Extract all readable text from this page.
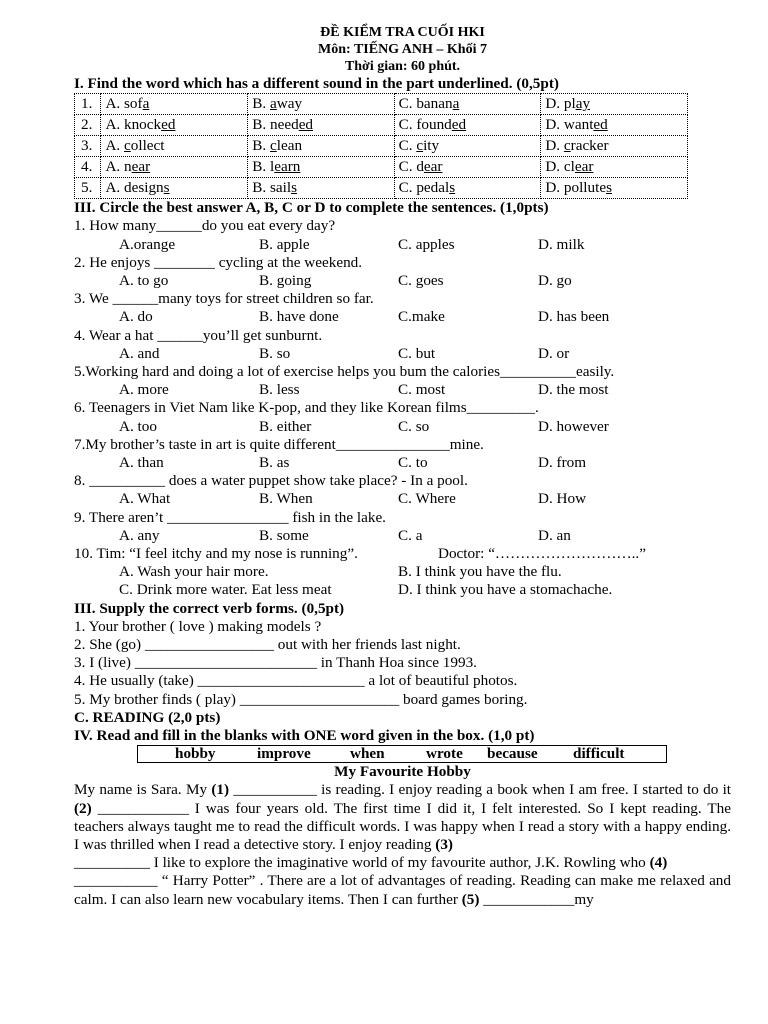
ĐỀ KIỂM TRA CUỐI HKI
Môn: TIẾNG ANH – Khối 7
Thời gian: 60 phút.
I. Find the word which has a different sound in the part underlined. (0,5pt)
1.	A. sofa	B. away	C. banana	D. play
2.	A. knocked	B. needed	C. founded	D. wanted
3.	A. collect	B. clean	C. city	D. cracker
4.	A. near	B. learn	C. dear	D. clear
5.	A. designs	B. sails	C. pedals	D. pollutes
III. Circle the best answer A, B, C or D to complete the sentences. (1,0pts)
1. How many______do you eat every day?
A.orange	B. apple	C. apples	D. milk
2. He enjoys ________ cycling at the weekend.
A. to go	B. going	C. goes	D. go
3. We ______many toys for street children so far.
A. do	B. have done	C.make	D. has been
4. Wear a hat ______you’ll get sunburnt.
A. and	B. so	C. but	D. or
5.Working hard and doing a lot of exercise helps you bum the calories__________easily.
A. more	B. less	C. most	D. the most
6. Teenagers in Viet Nam like K-pop, and they like Korean films_________.
A. too	B. either	C. so	D. however
7.My brother’s taste in art is quite different_______________mine.
A. than	B. as	C. to	D. from
8. __________ does a water puppet show take place? - In a pool.
A. What	B. When	C. Where	D. How
9. There aren’t ________________ fish in the lake.
A. any	B. some	C. a	D. an
10. Tim: “I feel itchy and my nose is running”.	Doctor: “………………………..”
A. Wash your hair more.	B. I think you have the flu.
C. Drink more water. Eat less meat	D. I think you have a stomachache.
III. Supply the correct verb forms. (0,5pt)
1. Your brother ( love ) making models ?
2. She (go) _________________ out with her friends last night.
3. I (live) ________________________ in Thanh Hoa since 1993.
4. He usually (take) ______________________ a lot of beautiful photos.
5. My brother finds ( play) _____________________ board games boring.
C. READING (2,0 pts)
IV. Read and fill in the blanks with ONE word given in the box. (1,0 pt)
hobby	improve	when	wrote because difficult
My Favourite Hobby
My name is Sara. My (1) ___________ is reading. I enjoy reading a book when I am free. I started to do it (2) ____________ I was four years old. The first time I did it, I felt interested. So I kept reading. The teachers always taught me to read the difficult words. I was happy when I read a story with a happy ending. I was thrilled when I read a detective story. I enjoy reading (3)
__________ I like to explore the imaginative world of my favourite author, J.K. Rowling who (4)
___________ “ Harry Potter” . There are a lot of advantages of reading. Reading can make me relaxed and calm. I can also learn new vocabulary items. Then I can further (5) ____________my
